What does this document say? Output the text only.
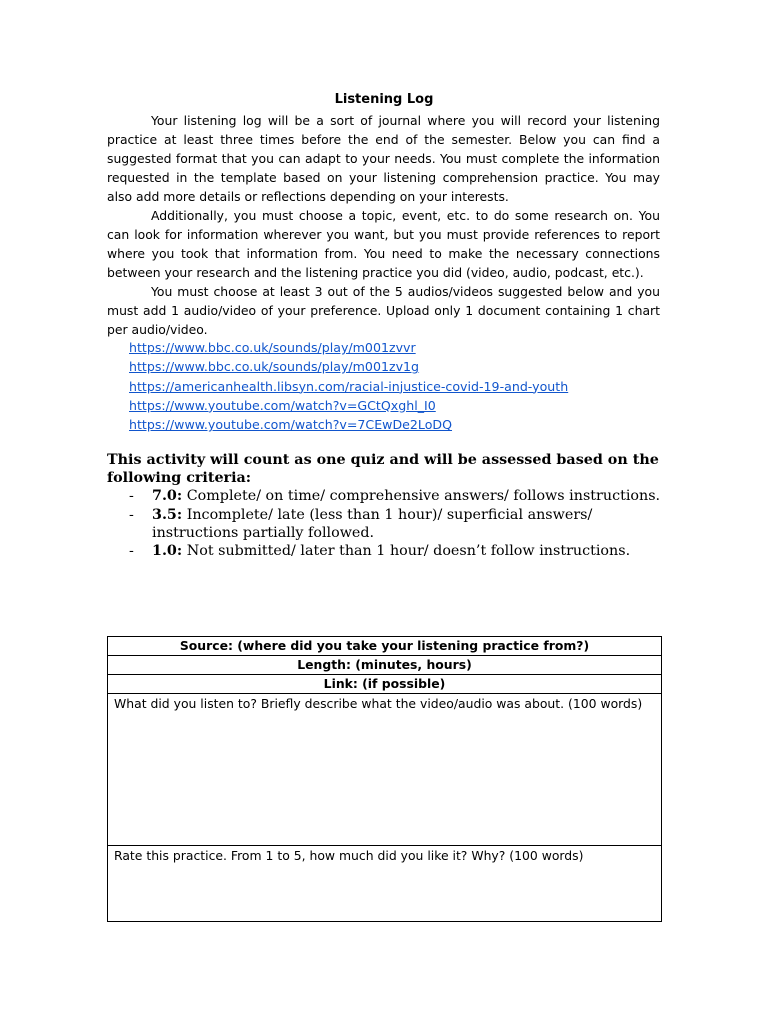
Listening Log

Your listening log will be a sort of journal where you will record your listening practice at least three times before the end of the semester. Below you can find a suggested format that you can adapt to your needs. You must complete the information requested in the template based on your listening comprehension practice. You may also add more details or reflections depending on your interests.

Additionally, you must choose a topic, event, etc. to do some research on. You can look for information wherever you want, but you must provide references to report where you took that information from. You need to make the necessary connections between your research and the listening practice you did (video, audio, podcast, etc.).

You must choose at least 3 out of the 5 audios/videos suggested below and you must add 1 audio/video of your preference. Upload only 1 document containing 1 chart per audio/video.

https://www.bbc.co.uk/sounds/play/m001zvvr
https://www.bbc.co.uk/sounds/play/m001zv1g
https://americanhealth.libsyn.com/racial-injustice-covid-19-and-youth
https://www.youtube.com/watch?v=GCtQxghl_I0
https://www.youtube.com/watch?v=7CEwDe2LoDQ

This activity will count as one quiz and will be assessed based on the following criteria:

- 7.0: Complete/ on time/ comprehensive answers/ follows instructions.
- 3.5: Incomplete/ late (less than 1 hour)/ superficial answers/ instructions partially followed.
- 1.0: Not submitted/ later than 1 hour/ doesn’t follow instructions.
Source: (where did you take your listening practice from?)
Length: (minutes, hours)
Link: (if possible)
What did you listen to? Briefly describe what the video/audio was about. (100 words)
Rate this practice. From 1 to 5, how much did you like it? Why? (100 words)
